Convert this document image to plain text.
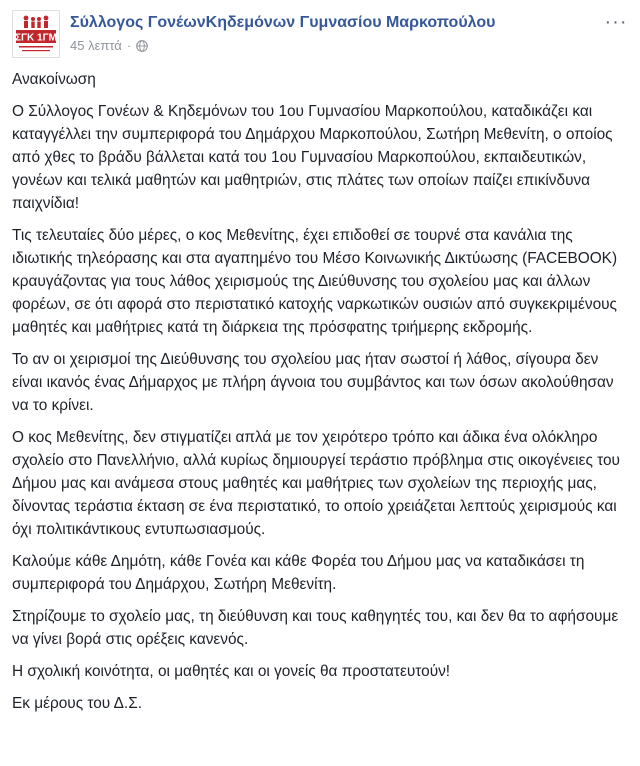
ΣΓΚ 1ΓΜ
Σύλλογος ΓονέωνΚηδεμόνων Γυμνασίου Μαρκοπούλου
45 λεπτά ·
···

Ανακοίνωση

Ο Σύλλογος Γονέων & Κηδεμόνων του 1ου Γυμνασίου Μαρκοπούλου, καταδικάζει και καταγγέλλει την συμπεριφορά του Δημάρχου Μαρκοπούλου, Σωτήρη Μεθενίτη, ο οποίος από χθες το βράδυ βάλλεται κατά του 1ου Γυμνασίου Μαρκοπούλου, εκπαιδευτικών, γονέων και τελικά μαθητών και μαθητριών, στις πλάτες των οποίων παίζει επικίνδυνα παιχνίδια!

Τις τελευταίες δύο μέρες, ο κος Μεθενίτης, έχει επιδοθεί σε τουρνέ στα κανάλια της ιδιωτικής τηλεόρασης και στα αγαπημένο του Μέσο Κοινωνικής Δικτύωσης (FACEBOOK) κραυγάζοντας για τους λάθος χειρισμούς της Διεύθυνσης του σχολείου μας και άλλων φορέων, σε ότι αφορά στο περιστατικό κατοχής ναρκωτικών ουσιών από συγκεκριμένους μαθητές και μαθήτριες κατά τη διάρκεια της πρόσφατης τριήμερης εκδρομής.

Το αν οι χειρισμοί της Διεύθυνσης του σχολείου μας ήταν σωστοί ή λάθος, σίγουρα δεν είναι ικανός ένας Δήμαρχος με πλήρη άγνοια του συμβάντος και των όσων ακολούθησαν να το κρίνει.

Ο κος Μεθενίτης, δεν στιγματίζει απλά με τον χειρότερο τρόπο και άδικα ένα ολόκληρο σχολείο στο Πανελλήνιο, αλλά κυρίως δημιουργεί τεράστιο πρόβλημα στις οικογένειες του Δήμου μας και ανάμεσα στους μαθητές και μαθήτριες των σχολείων της περιοχής μας, δίνοντας τεράστια έκταση σε ένα περιστατικό, το οποίο χρειάζεται λεπτούς χειρισμούς και όχι πολιτικάντικους εντυπωσιασμούς.

Καλούμε κάθε Δημότη, κάθε Γονέα και κάθε Φορέα του Δήμου μας να καταδικάσει τη συμπεριφορά του Δημάρχου, Σωτήρη Μεθενίτη.

Στηρίζουμε το σχολείο μας, τη διεύθυνση και τους καθηγητές του, και δεν θα το αφήσουμε να γίνει βορά στις ορέξεις κανενός.

Η σχολική κοινότητα, οι μαθητές και οι γονείς θα προστατευτούν!

Εκ μέρους του Δ.Σ.
